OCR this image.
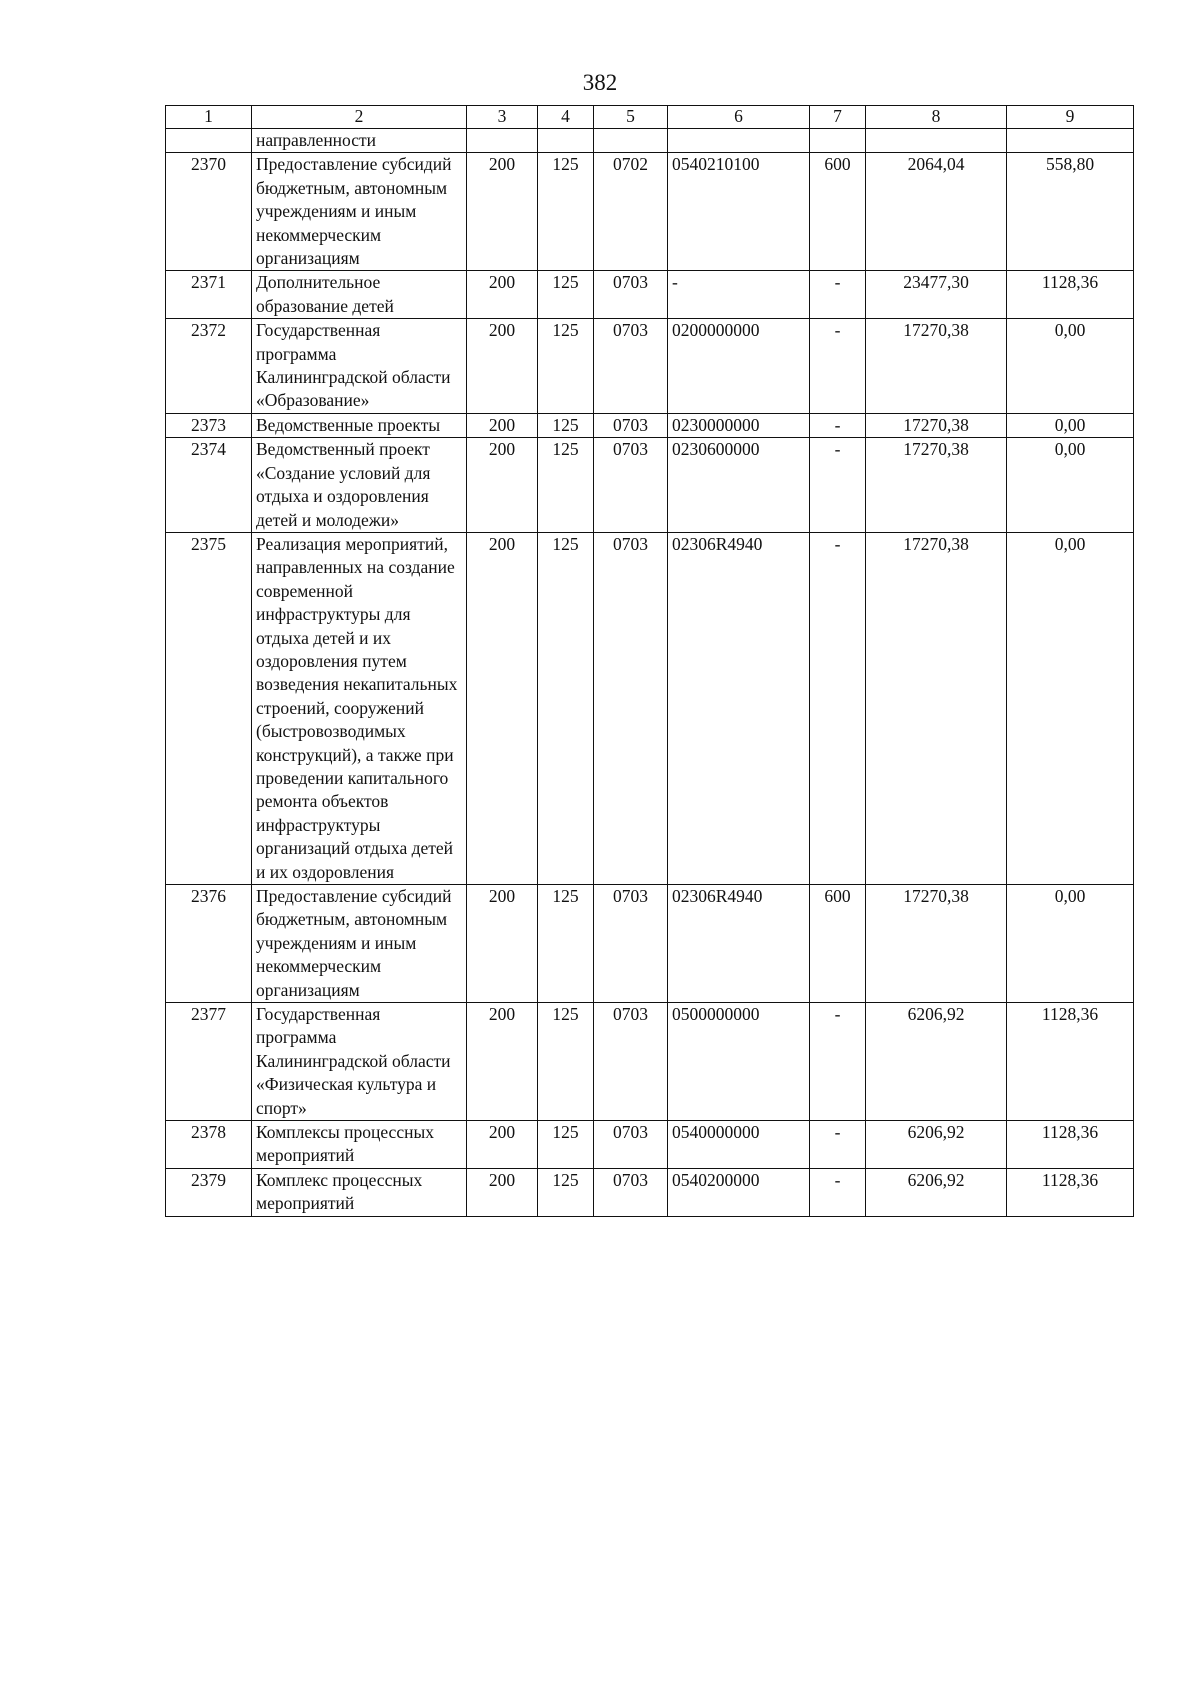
382
1	2	3	4	5	6	7	8	9
	направленности							
2370	Предоставление субсидий бюджетным, автономным учреждениям и иным некоммерческим организациям	200	125	0702	0540210100	600	2064,04	558,80
2371	Дополнительное образование детей	200	125	0703	-	-	23477,30	1128,36
2372	Государственная программа Калининградской области «Образование»	200	125	0703	0200000000	-	17270,38	0,00
2373	Ведомственные проекты	200	125	0703	0230000000	-	17270,38	0,00
2374	Ведомственный проект «Создание условий для отдыха и оздоровления детей и молодежи»	200	125	0703	0230600000	-	17270,38	0,00
2375	Реализация мероприятий, направленных на создание современной инфраструктуры для отдыха детей и их оздоровления путем возведения некапитальных строений, сооружений (быстровозводимых конструкций), а также при проведении капитального ремонта объектов инфраструктуры организаций отдыха детей и их оздоровления	200	125	0703	02306R4940	-	17270,38	0,00
2376	Предоставление субсидий бюджетным, автономным учреждениям и иным некоммерческим организациям	200	125	0703	02306R4940	600	17270,38	0,00
2377	Государственная программа Калининградской области «Физическая культура и спорт»	200	125	0703	0500000000	-	6206,92	1128,36
2378	Комплексы процессных мероприятий	200	125	0703	0540000000	-	6206,92	1128,36
2379	Комплекс процессных мероприятий	200	125	0703	0540200000	-	6206,92	1128,36
